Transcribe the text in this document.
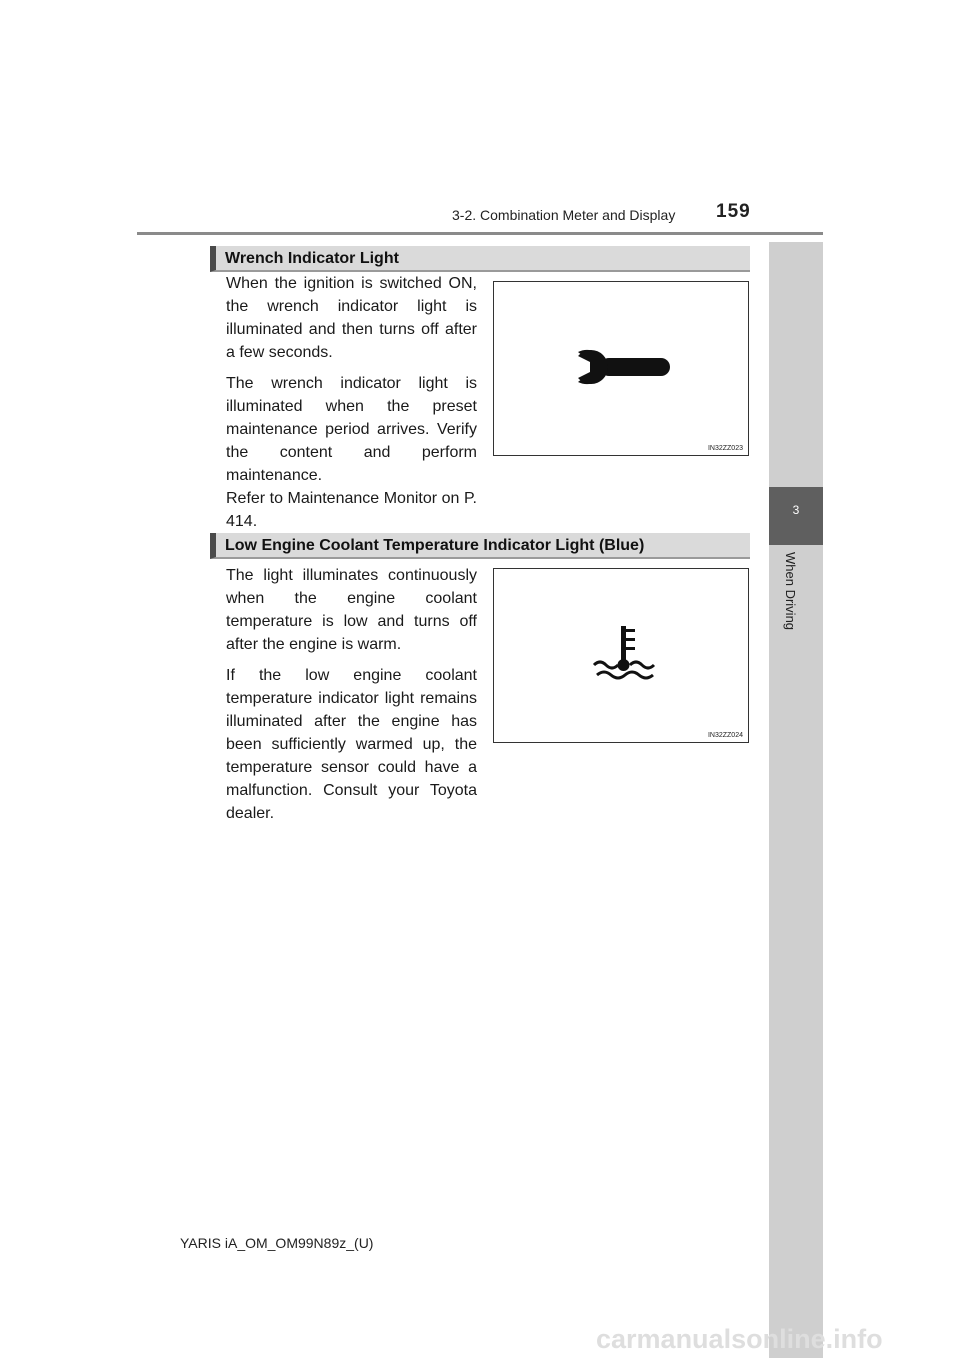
3-2. Combination Meter and Display 159
3
When Driving
Wrench Indicator Light

When the ignition is switched ON, the wrench indicator light is illuminated and then turns off after a few seconds.

The wrench indicator light is illuminated when the preset maintenance period arrives. Verify the content and perform maintenance.

Refer to Maintenance Monitor on P. 414.

IN32ZZ023
Low Engine Coolant Temperature Indicator Light (Blue)

The light illuminates continuously when the engine coolant temperature is low and turns off after the engine is warm.

If the low engine coolant temperature indicator light remains illuminated after the engine has been sufficiently warmed up, the temperature sensor could have a malfunction. Consult your Toyota dealer.

IN32ZZ024
YARIS iA_OM_OM99N89z_(U)
carmanualsonline.info
